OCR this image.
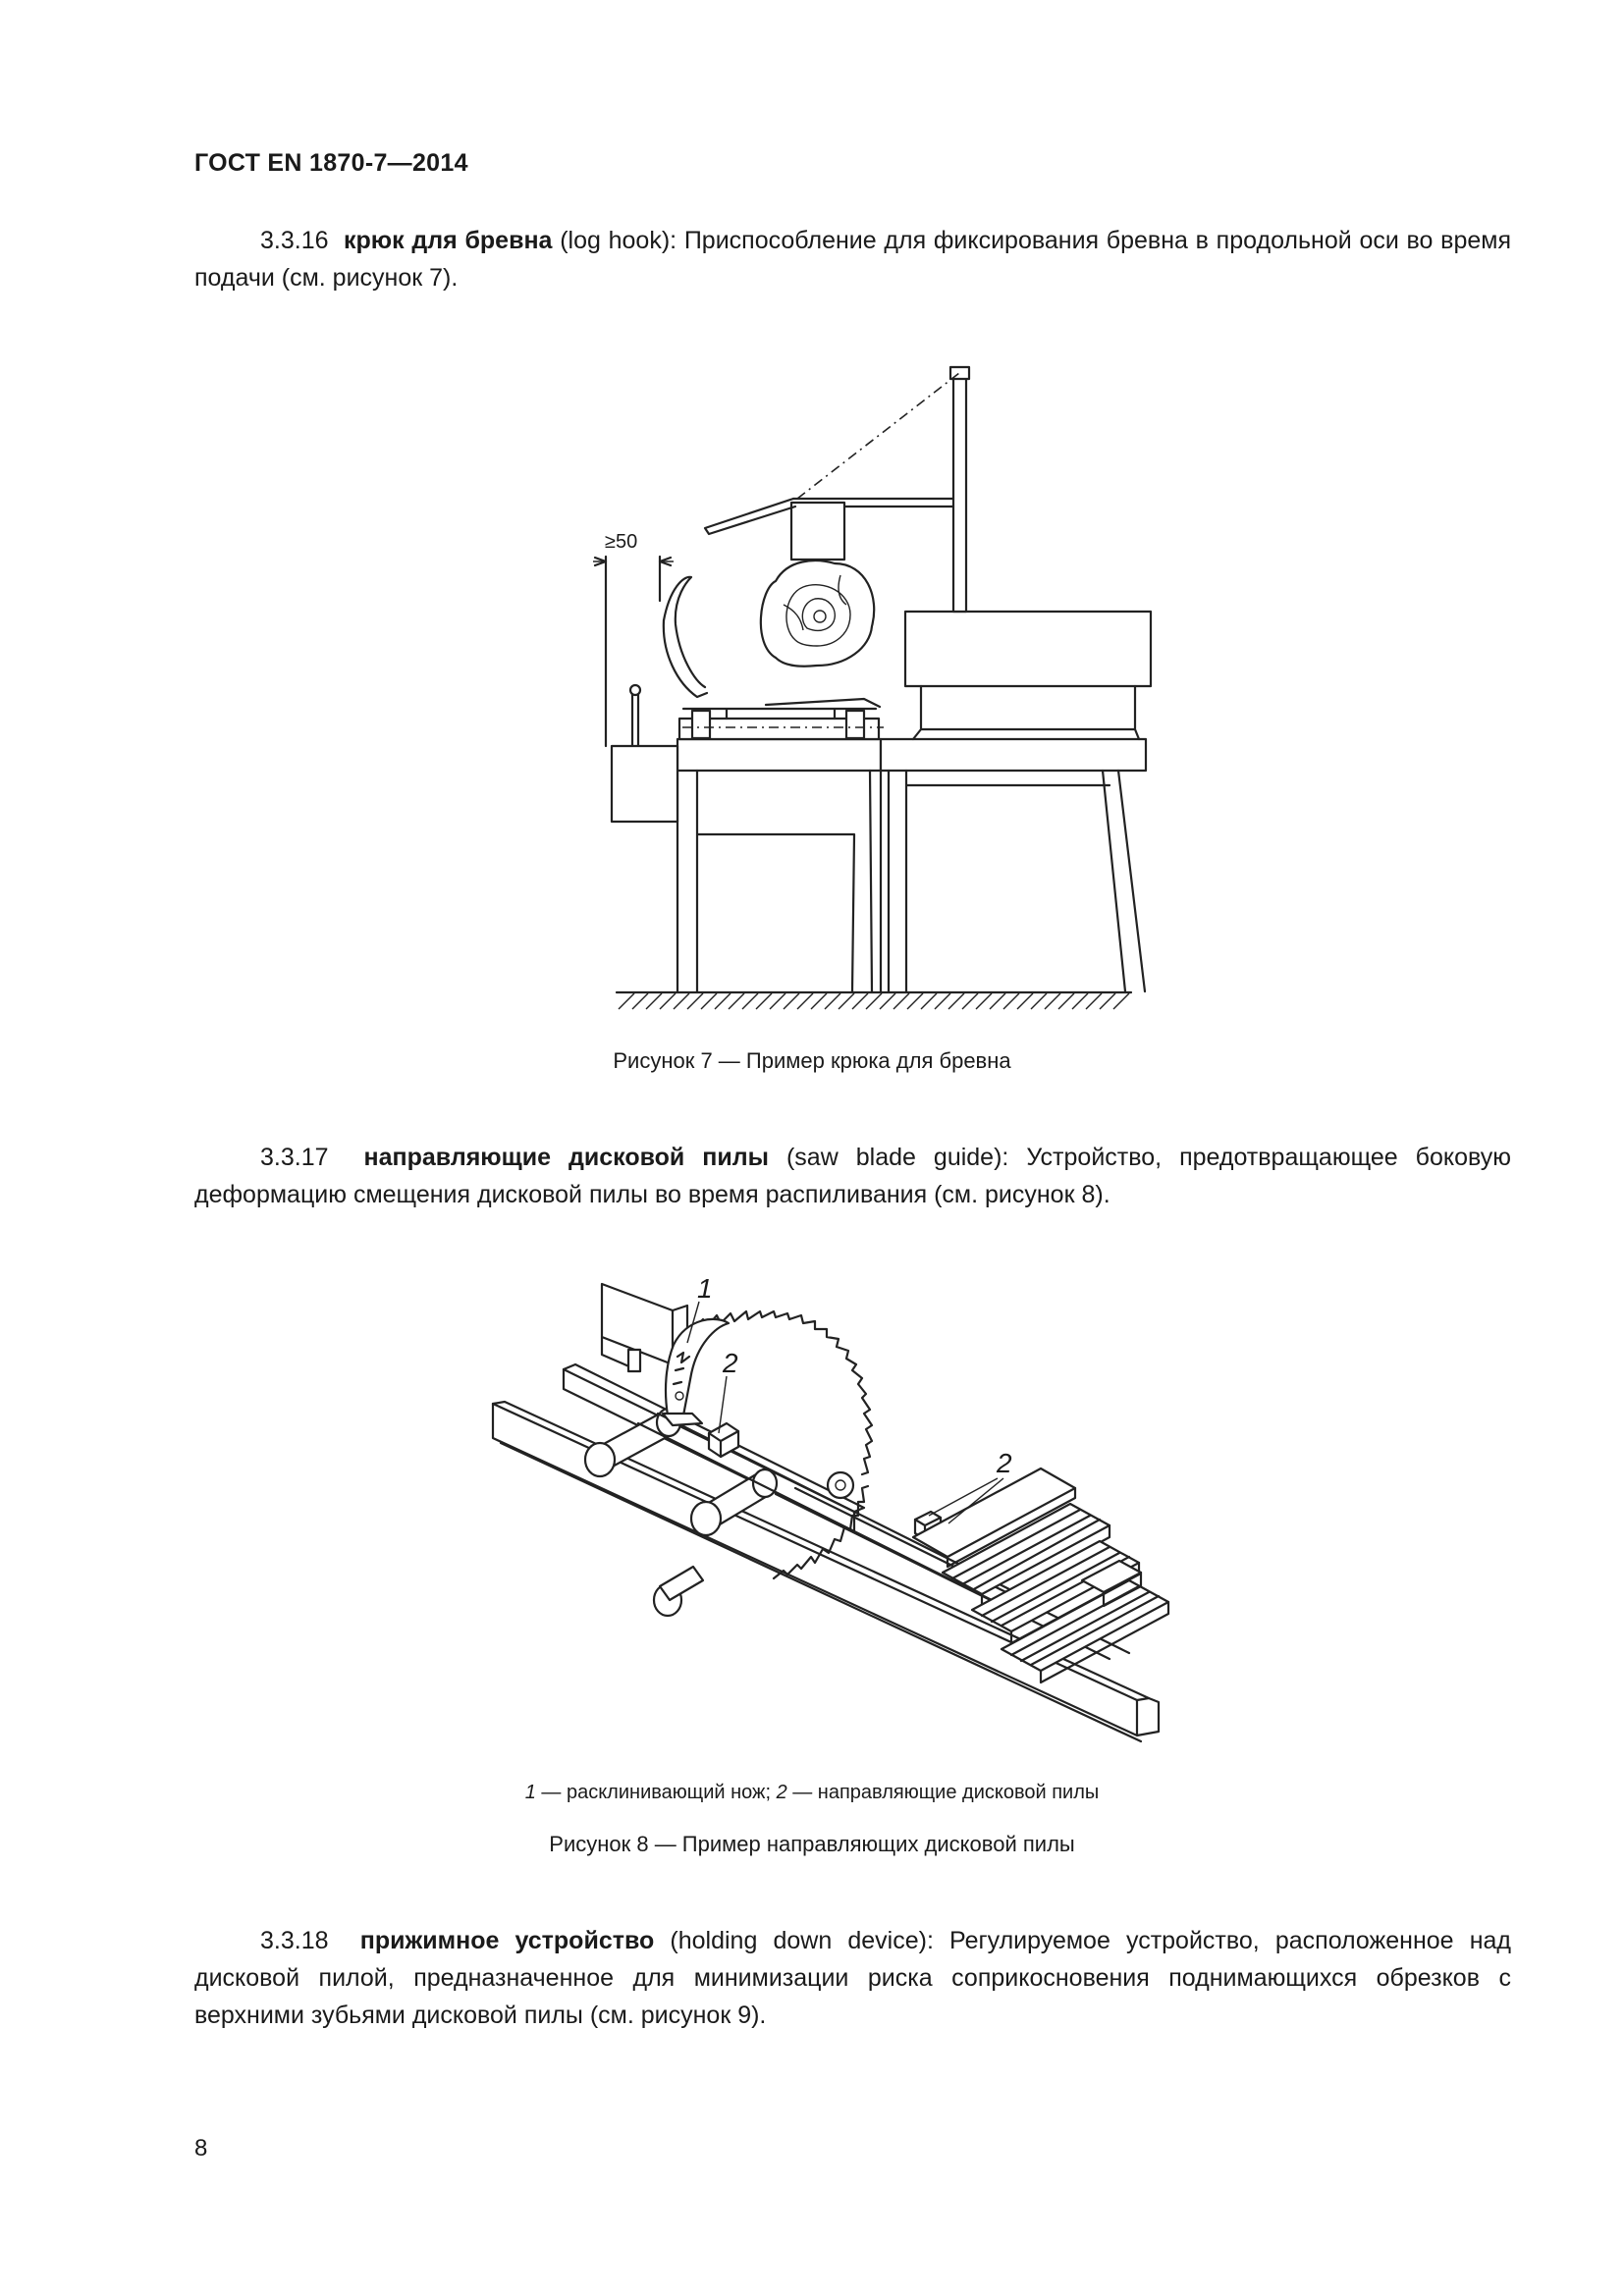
ГОСТ EN 1870-7—2014
3.3.16 крюк для бревна (log hook): Приспособление для фиксирования бревна в продольной оси во время подачи (см. рисунок 7).
≥50
Рисунок 7 — Пример крюка для бревна
3.3.17 направляющие дисковой пилы (saw blade guide): Устройство, предотвращающее боковую деформацию смещения дисковой пилы во время распиливания (см. рисунок 8).
1
2
2
1 — расклинивающий нож; 2 — направляющие дисковой пилы
Рисунок 8 — Пример направляющих дисковой пилы
3.3.18 прижимное устройство (holding down device): Регулируемое устройство, расположенное над дисковой пилой, предназначенное для минимизации риска соприкосновения поднимающихся обрезков с верхними зубьями дисковой пилы (см. рисунок 9).
8
